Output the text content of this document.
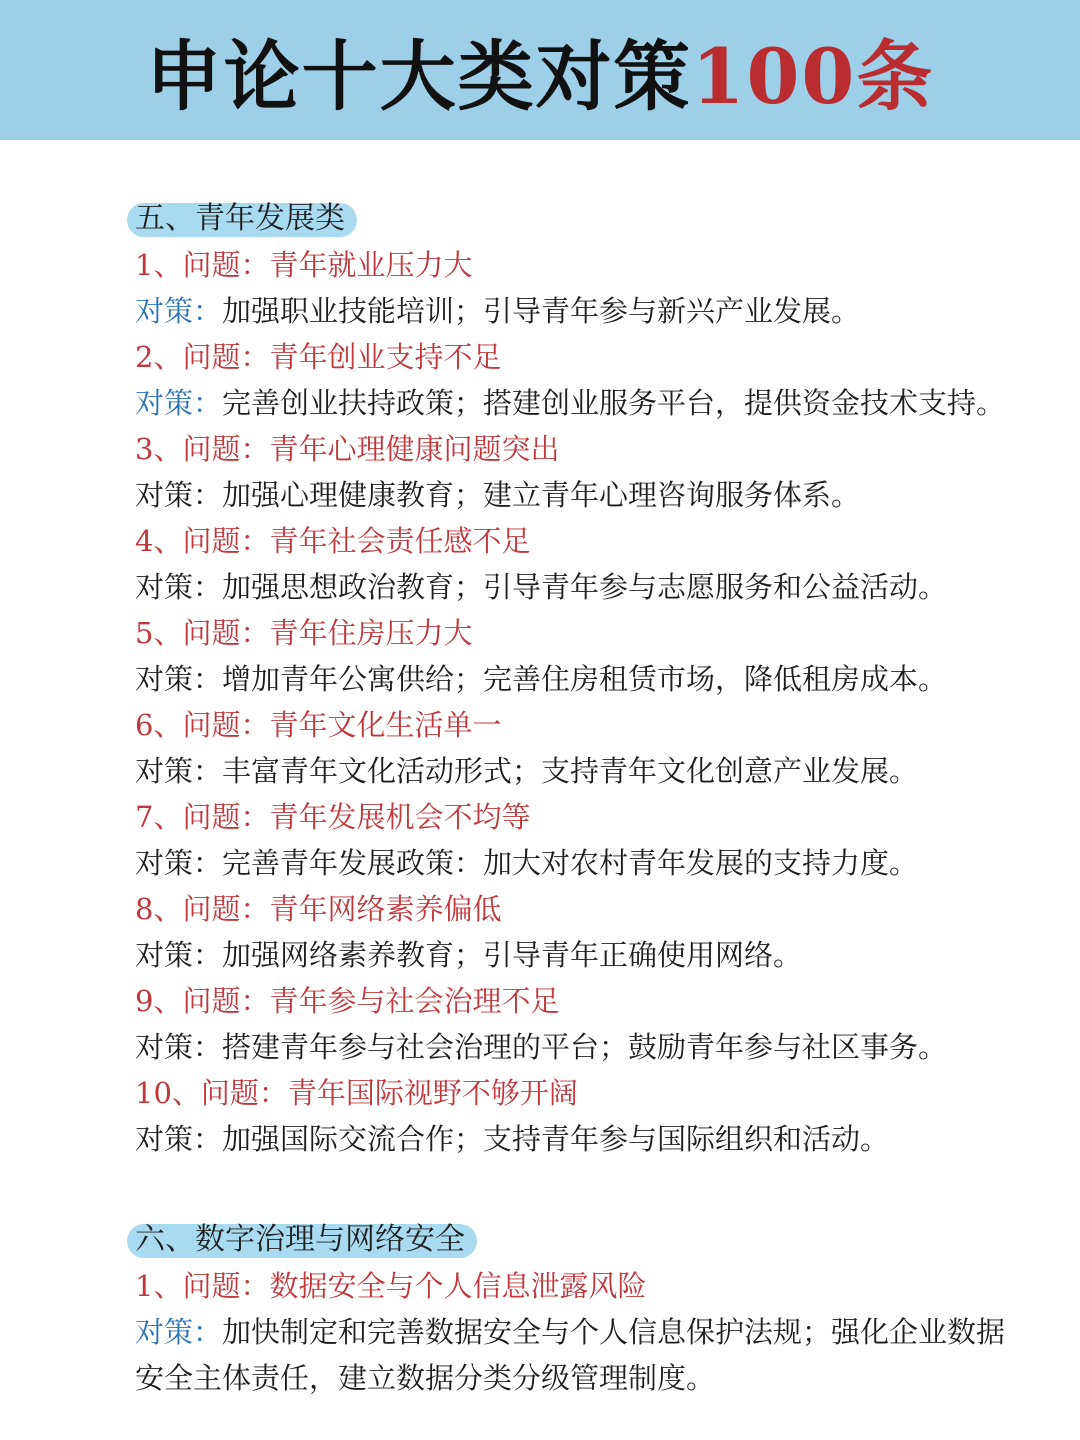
申论十大类对策100条
五、青年发展类
1、问题：青年就业压力大
对策：加强职业技能培训；引导青年参与新兴产业发展。
2、问题：青年创业支持不足
对策：完善创业扶持政策；搭建创业服务平台，提供资金技术支持。
3、问题：青年心理健康问题突出
对策：加强心理健康教育；建立青年心理咨询服务体系。
4、问题：青年社会责任感不足
对策：加强思想政治教育；引导青年参与志愿服务和公益活动。
5、问题：青年住房压力大
对策：增加青年公寓供给；完善住房租赁市场，降低租房成本。
6、问题：青年文化生活单一
对策：丰富青年文化活动形式；支持青年文化创意产业发展。
7、问题：青年发展机会不均等
对策：完善青年发展政策：加大对农村青年发展的支持力度。
8、问题：青年网络素养偏低
对策：加强网络素养教育；引导青年正确使用网络。
9、问题：青年参与社会治理不足
对策：搭建青年参与社会治理的平台；鼓励青年参与社区事务。
10、问题：青年国际视野不够开阔
对策：加强国际交流合作；支持青年参与国际组织和活动。
六、数字治理与网络安全
1、问题：数据安全与个人信息泄露风险
对策：加快制定和完善数据安全与个人信息保护法规；强化企业数据安全主体责任，建立数据分类分级管理制度。
